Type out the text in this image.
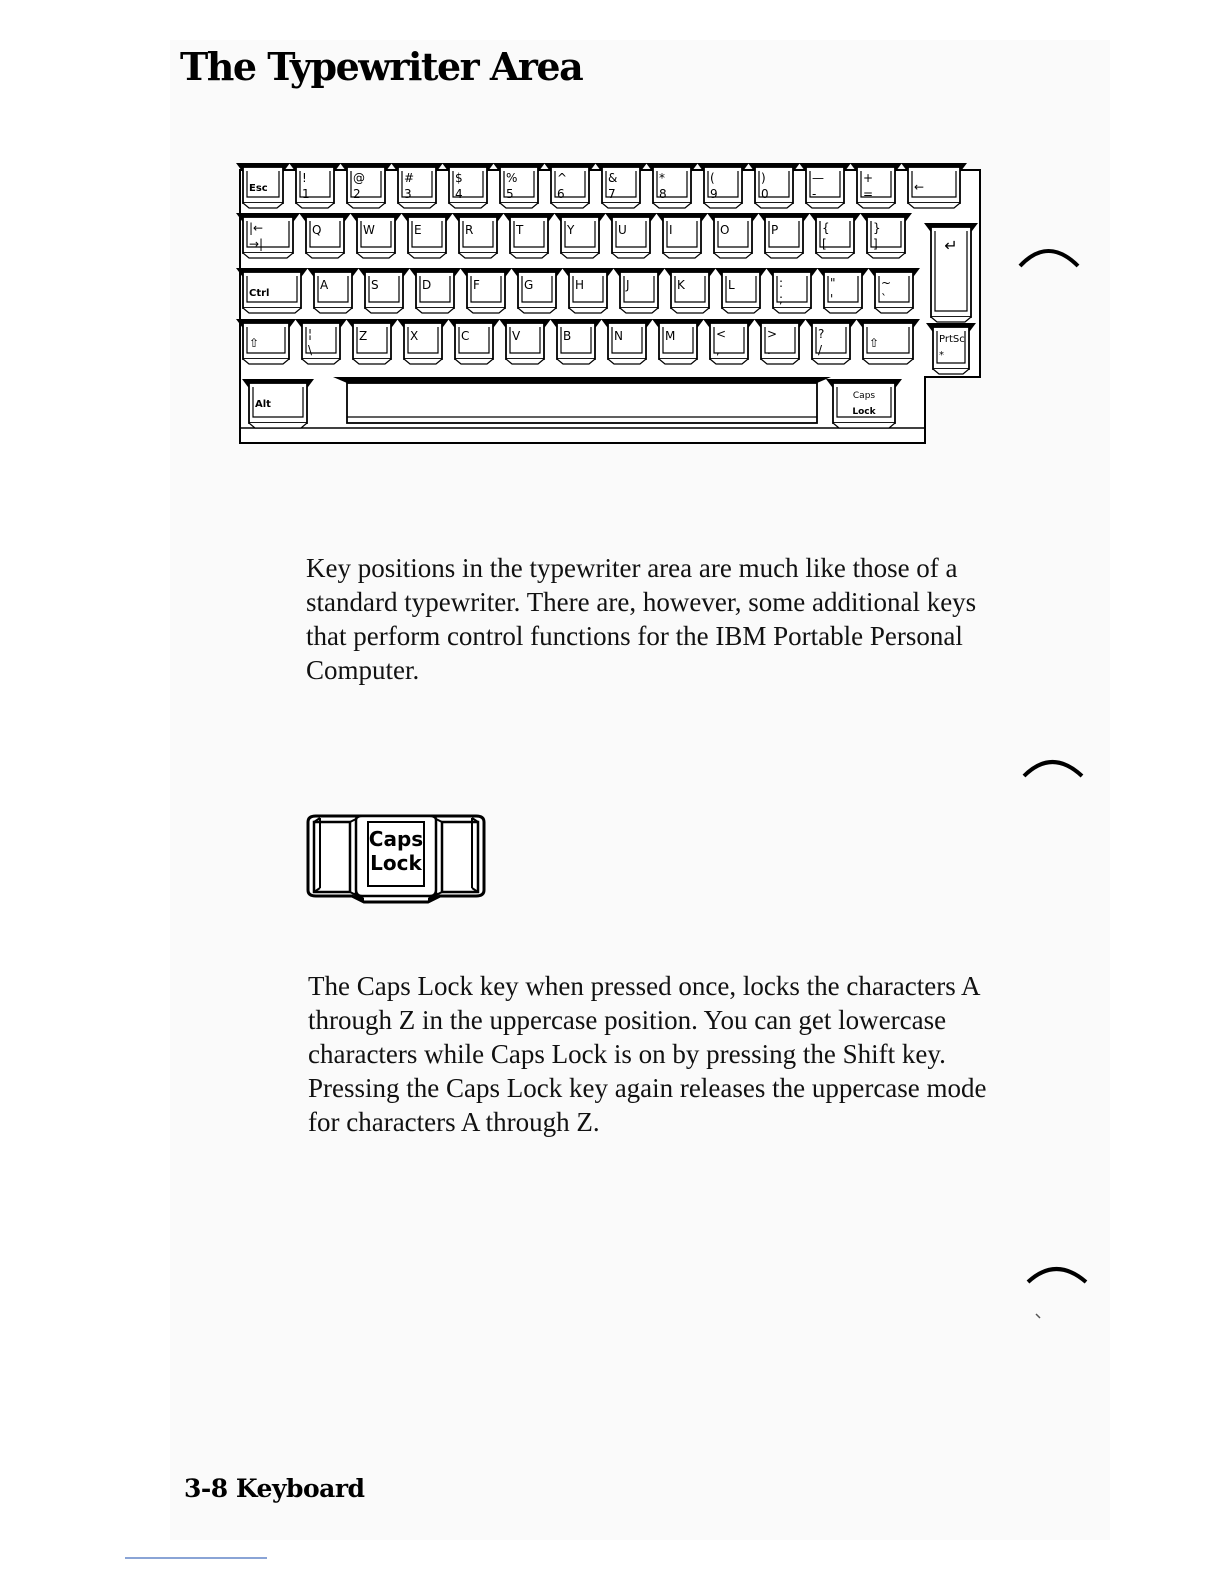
The Typewriter Area
Esc
!
1
@
2
#
3
$
4
%
5
^
6
&
7
*
8
(
9
)
0
—
-
+
=	←
|←
→|
Q	W	E	R	T	Y	U	I	O	P	{
[
}
]
Ctrl
A	S	D	F	G	H	J	K	L	:
;
"
'
~
`
⇧
¦
\
Z	X	C	V	B	N	M	<
,
>
.
?
/	⇧
↵
PrtSc
*
Alt
Caps
Lock

Key positions in the typewriter area are much like those of a standard typewriter. There are, however, some additional keys that perform control functions for the IBM Portable Personal Computer.

Caps
Lock

The Caps Lock key when pressed once, locks the characters A through Z in the uppercase position. You can get lowercase characters while Caps Lock is on by pressing the Shift key. Pressing the Caps Lock key again releases the uppercase mode for characters A through Z.

3-8 Keyboard
